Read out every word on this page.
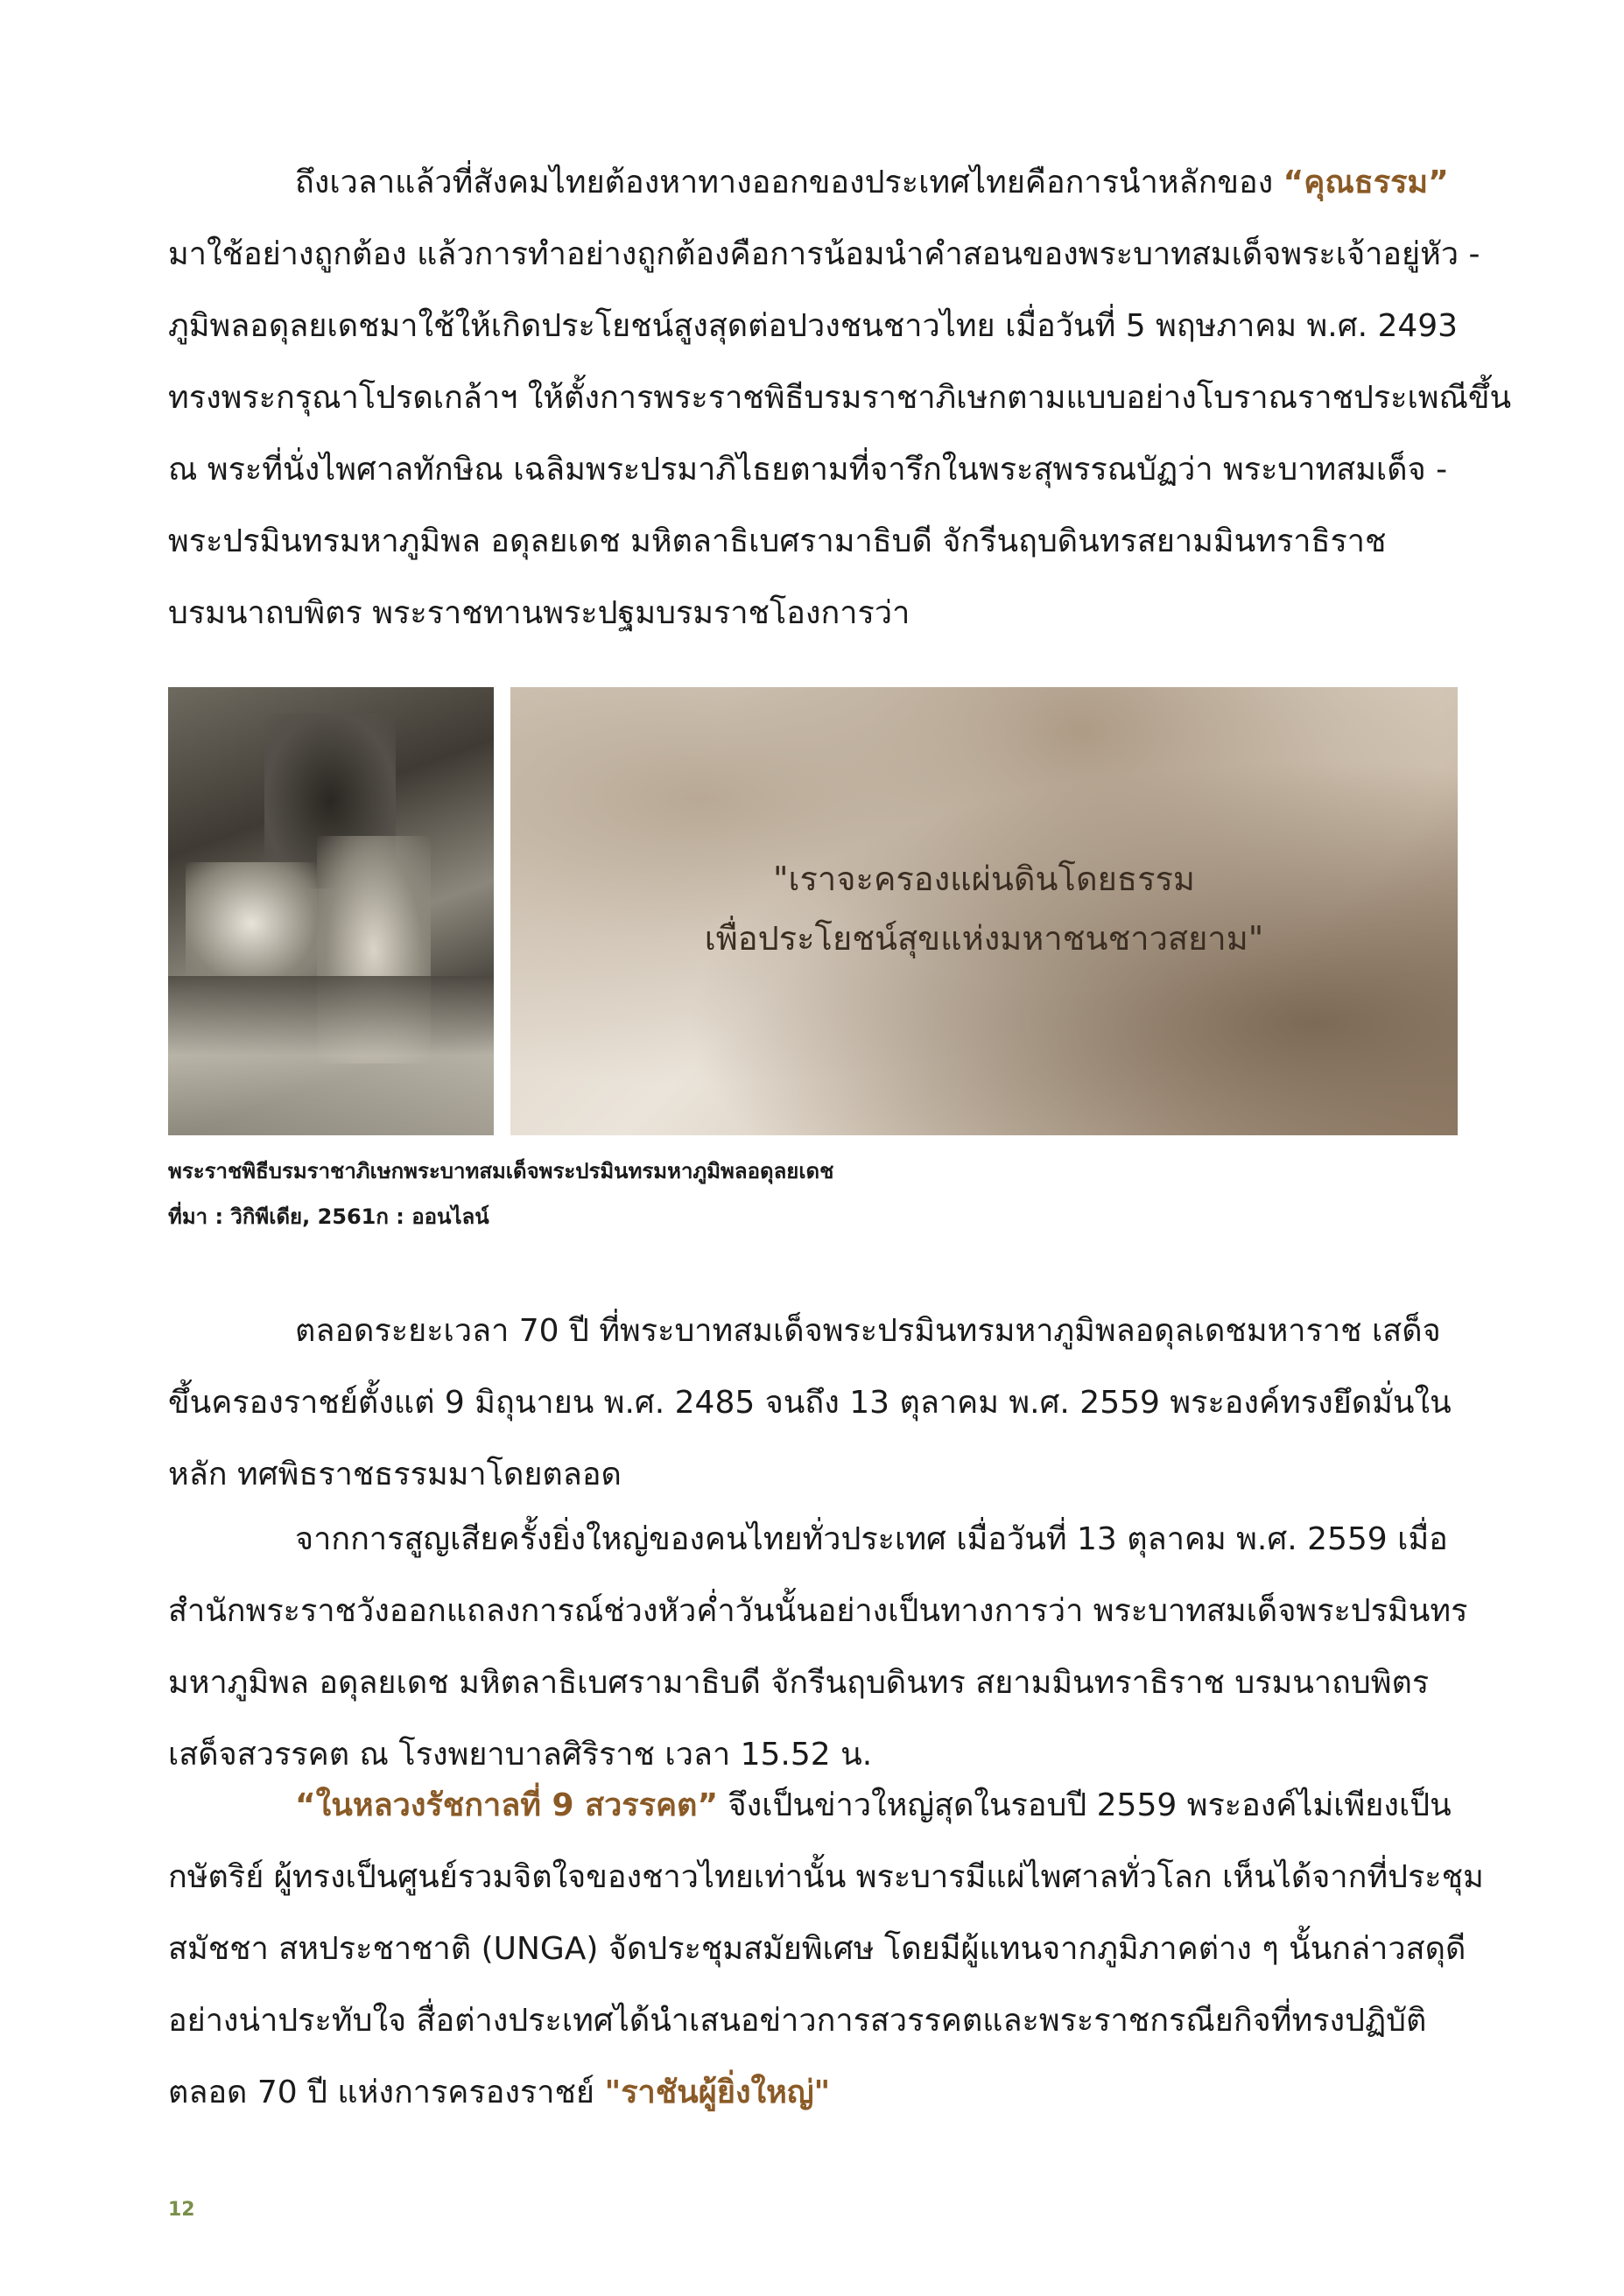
ถึงเวลาแล้วที่สังคมไทยต้องหาทางออกของประเทศไทยคือการนำหลักของ “คุณธรรม”
มาใช้อย่างถูกต้อง แล้วการทำอย่างถูกต้องคือการน้อมนำคำสอนของพระบาทสมเด็จพระเจ้าอยู่หัว -
ภูมิพลอดุลยเดชมาใช้ให้เกิดประโยชน์สูงสุดต่อปวงชนชาวไทย เมื่อวันที่ 5 พฤษภาคม พ.ศ. 2493
ทรงพระกรุณาโปรดเกล้าฯ ให้ตั้งการพระราชพิธีบรมราชาภิเษกตามแบบอย่างโบราณราชประเพณีขึ้น
ณ พระที่นั่งไพศาลทักษิณ เฉลิมพระปรมาภิไธยตามที่จารึกในพระสุพรรณบัฏว่า พระบาทสมเด็จ -
พระปรมินทรมหาภูมิพล อดุลยเดช มหิตลาธิเบศรามาธิบดี จักรีนฤบดินทรสยามมินทราธิราช
บรมนาถบพิตร พระราชทานพระปฐมบรมราชโองการว่า
"เราจะครองแผ่นดินโดยธรรม
เพื่อประโยชน์สุขแห่งมหาชนชาวสยาม"
พระราชพิธีบรมราชาภิเษกพระบาทสมเด็จพระปรมินทรมหาภูมิพลอดุลยเดช
ที่มา : วิกิพีเดีย, 2561ก : ออนไลน์
ตลอดระยะเวลา 70 ปี ที่พระบาทสมเด็จพระปรมินทรมหาภูมิพลอดุลเดชมหาราช เสด็จ
ขึ้นครองราชย์ตั้งแต่ 9 มิถุนายน พ.ศ. 2485 จนถึง 13 ตุลาคม พ.ศ. 2559 พระองค์ทรงยึดมั่นใน
หลัก ทศพิธราชธรรมมาโดยตลอด
จากการสูญเสียครั้งยิ่งใหญ่ของคนไทยทั่วประเทศ เมื่อวันที่ 13 ตุลาคม พ.ศ. 2559 เมื่อ
สำนักพระราชวังออกแถลงการณ์ช่วงหัวค่ำวันนั้นอย่างเป็นทางการว่า พระบาทสมเด็จพระปรมินทร
มหาภูมิพล อดุลยเดช มหิตลาธิเบศรามาธิบดี จักรีนฤบดินทร สยามมินทราธิราช บรมนาถบพิตร
เสด็จสวรรคต ณ โรงพยาบาลศิริราช เวลา 15.52 น.
“ในหลวงรัชกาลที่ 9 สวรรคต” จึงเป็นข่าวใหญ่สุดในรอบปี 2559 พระองค์ไม่เพียงเป็น
กษัตริย์ ผู้ทรงเป็นศูนย์รวมจิตใจของชาวไทยเท่านั้น พระบารมีแผ่ไพศาลทั่วโลก เห็นได้จากที่ประชุม
สมัชชา สหประชาชาติ (UNGA) จัดประชุมสมัยพิเศษ โดยมีผู้แทนจากภูมิภาคต่าง ๆ นั้นกล่าวสดุดี
อย่างน่าประทับใจ สื่อต่างประเทศได้นำเสนอข่าวการสวรรคตและพระราชกรณียกิจที่ทรงปฏิบัติ
ตลอด 70 ปี แห่งการครองราชย์ "ราชันผู้ยิ่งใหญ่"
12
